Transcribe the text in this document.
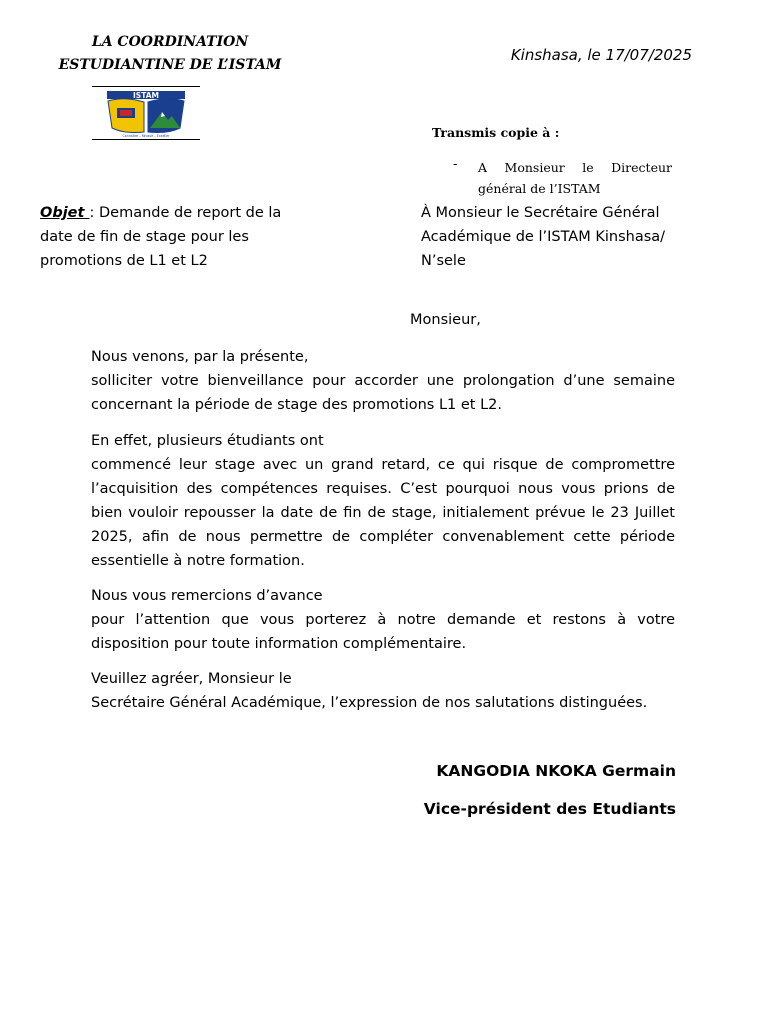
LA COORDINATION
ESTUDIANTINE DE L’ISTAM
ISTAM
Connaître – Réussir – Exceller
Kinshasa, le 17/07/2025
Transmis copie à :
- A Monsieur le Directeur général de l’ISTAM
Objet : Demande de report de la date de fin de stage pour les promotions de L1 et L2
À Monsieur le Secrétaire Général Académique de l’ISTAM Kinshasa/ N’sele
Monsieur,
Nous venons, par la présente,
solliciter votre bienveillance pour accorder une prolongation d’une semaine concernant la période de stage des promotions L1 et L2.
En effet, plusieurs étudiants ont
commencé leur stage avec un grand retard, ce qui risque de compromettre l’acquisition des compétences requises. C’est pourquoi nous vous prions de bien vouloir repousser la date de fin de stage, initialement prévue le 23 Juillet 2025, afin de nous permettre de compléter convenablement cette période essentielle à notre formation.
Nous vous remercions d’avance
pour l’attention que vous porterez à notre demande et restons à votre disposition pour toute information complémentaire.
Veuillez agréer, Monsieur le
Secrétaire Général Académique, l’expression de nos salutations distinguées.
KANGODIA NKOKA Germain
Vice-président des Etudiants
